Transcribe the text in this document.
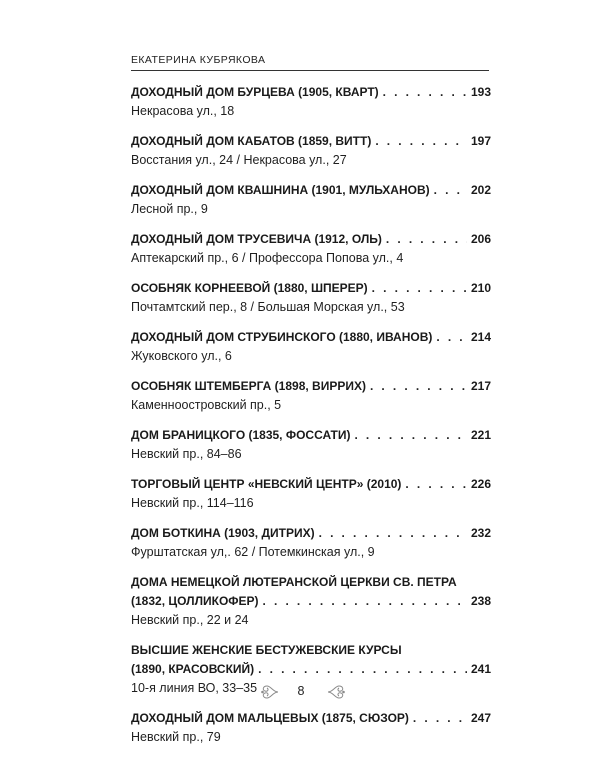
ЕКАТЕРИНА КУБРЯКОВА
ДОХОДНЫЙ ДОМ БУРЦЕВА (1905, КВАРТ) . . .	193
Некрасова ул., 18
ДОХОДНЫЙ ДОМ КАБАТОВ (1859, ВИТТ) . . .	197
Восстания ул., 24 / Некрасова ул., 27
ДОХОДНЫЙ ДОМ КВАШНИНА (1901, МУЛЬХАНОВ) . . .	202
Лесной пр., 9
ДОХОДНЫЙ ДОМ ТРУСЕВИЧА (1912, ОЛЬ) . . .	206
Аптекарский пр., 6 / Профессора Попова ул., 4
ОСОБНЯК КОРНЕЕВОЙ (1880, ШПЕРЕР) . . .	210
Почтамтский пер., 8 / Большая Морская ул., 53
ДОХОДНЫЙ ДОМ СТРУБИНСКОГО (1880, ИВАНОВ) . . .	214
Жуковского ул., 6
ОСОБНЯК ШТЕМБЕРГА (1898, ВИРРИХ) . . .	217
Каменноостровский пр., 5
ДОМ БРАНИЦКОГО (1835, ФОССАТИ) . . .	221
Невский пр., 84–86
ТОРГОВЫЙ ЦЕНТР «НЕВСКИЙ ЦЕНТР» (2010) . . .	226
Невский пр., 114–116
ДОМ БОТКИНА (1903, ДИТРИХ) . . .	232
Фурштатская ул,. 62 / Потемкинская ул., 9
ДОМА НЕМЕЦКОЙ ЛЮТЕРАНСКОЙ ЦЕРКВИ СВ. ПЕТРА
(1832, ЦОЛЛИКОФЕР) . . .	238
Невский пр., 22 и 24
ВЫСШИЕ ЖЕНСКИЕ БЕСТУЖЕВСКИЕ КУРСЫ
(1890, КРАСОВСКИЙ) . . .	241
10-я линия ВО, 33–35
ДОХОДНЫЙ ДОМ МАЛЬЦЕВЫХ (1875, СЮЗОР) . . .	247
Невский пр., 79
8
